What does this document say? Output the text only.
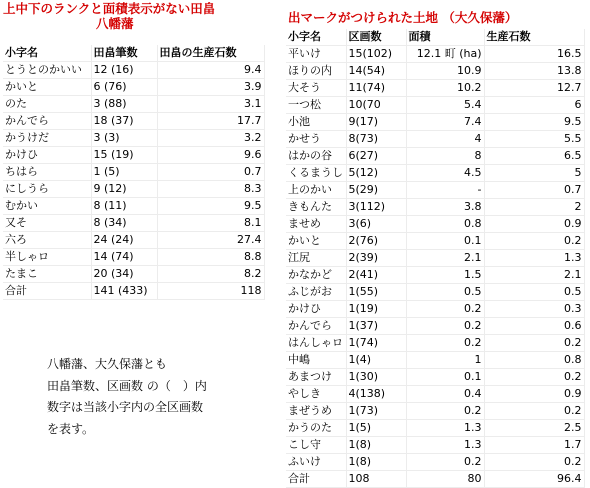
上中下のランクと面積表示がない田畠
八幡藩
小字名	田畠筆数	田畠の生産石数
とうとのかいい	12 (16)	9.4
かいと	6 (76)	3.9
のた	3 (88)	3.1
かんでら	18 (37)	17.7
かうけだ	3 (3)	3.2
かけひ	15 (19)	9.6
ちはら	1 (5)	0.7
にしうら	9 (12)	8.3
むかい	8 (11)	9.5
又そ	8 (34)	8.1
六ろ	24 (24)	27.4
半しゃロ	14 (74)	8.8
たまこ	20 (34)	8.2
合計	141 (433)	118
出マークがつけられた土地 （大久保藩）
小字名	区画数	面積	生産石数
平いけ	15(102)	12.1 町 (ha)	16.5
ほりの内	14(54)	10.9	13.8
大そう	11(74)	10.2	12.7
一つ松	10(70	5.4	6
小池	9(17)	7.4	9.5
かせう	8(73)	4	5.5
はかの谷	6(27)	8	6.5
くるまうし	5(12)	4.5	5
上のかい	5(29)	-	0.7
きもんた	3(112)	3.8	2
ませめ	3(6)	0.8	0.9
かいと	2(76)	0.1	0.2
江尻	2(39)	2.1	1.3
かなかど	2(41)	1.5	2.1
ふじがお	1(55)	0.5	0.5
かけひ	1(19)	0.2	0.3
かんでら	1(37)	0.2	0.6
はんしゃロ	1(74)	0.2	0.2
中嶋	1(4)	1	0.8
あまつけ	1(30)	0.1	0.2
やしき	4(138)	0.4	0.9
まぜうめ	1(73)	0.2	0.2
かうのた	1(5)	1.3	2.5
こし守	1(8)	1.3	1.7
ふいけ	1(8)	0.2	0.2
合計	108	80	96.4
八幡藩、大久保藩とも
田畠筆数、区画数 の（　）内
数字は当該小字内の全区画数
を表す。
